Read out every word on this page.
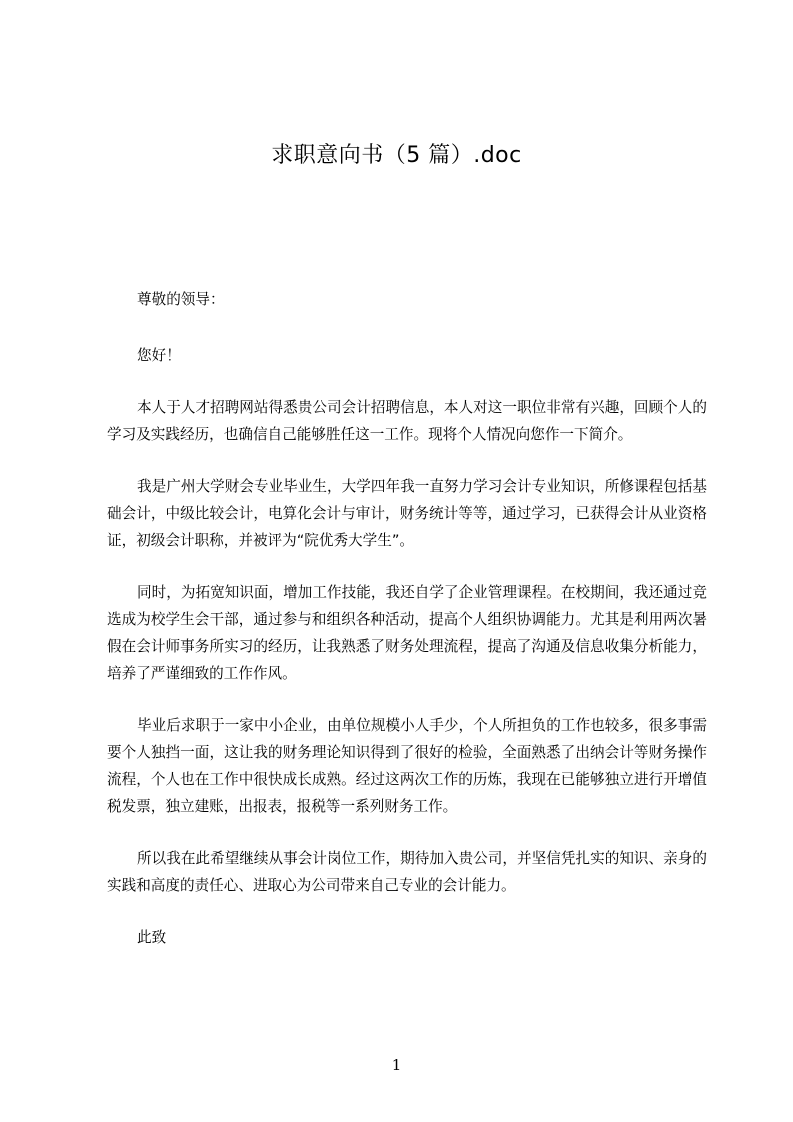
求职意向书（5 篇）.doc

尊敬的领导：

您好！

本人于人才招聘网站得悉贵公司会计招聘信息，本人对这一职位非常有兴趣，回顾个人的学习及实践经历，也确信自己能够胜任这一工作。现将个人情况向您作一下简介。

我是广州大学财会专业毕业生，大学四年我一直努力学习会计专业知识，所修课程包括基础会计，中级比较会计，电算化会计与审计，财务统计等等，通过学习，已获得会计从业资格证，初级会计职称，并被评为“院优秀大学生”。

同时，为拓宽知识面，增加工作技能，我还自学了企业管理课程。在校期间，我还通过竞选成为校学生会干部，通过参与和组织各种活动，提高个人组织协调能力。尤其是利用两次暑假在会计师事务所实习的经历，让我熟悉了财务处理流程，提高了沟通及信息收集分析能力，培养了严谨细致的工作作风。

毕业后求职于一家中小企业，由单位规模小人手少，个人所担负的工作也较多，很多事需要个人独挡一面，这让我的财务理论知识得到了很好的检验，全面熟悉了出纳会计等财务操作流程，个人也在工作中很快成长成熟。经过这两次工作的历炼，我现在已能够独立进行开增值税发票，独立建账，出报表，报税等一系列财务工作。

所以我在此希望继续从事会计岗位工作，期待加入贵公司，并坚信凭扎实的知识、亲身的实践和高度的责任心、进取心为公司带来自己专业的会计能力。

此致

1
